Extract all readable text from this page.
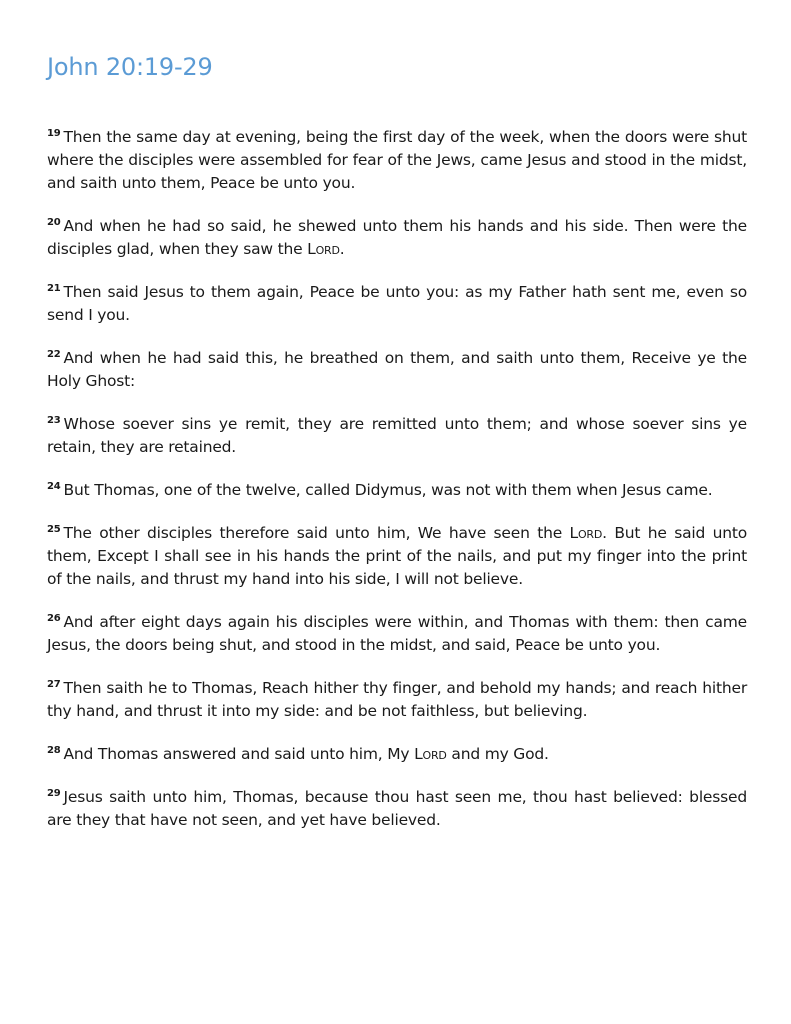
John 20:19-29

$^{19}$ Then the same day at evening, being the first day of the week, when the doors were shut where the disciples were assembled for fear of the Jews, came Jesus and stood in the midst, and saith unto them, Peace be unto you.

$^{20}$ And when he had so said, he shewed unto them his hands and his side. Then were the disciples glad, when they saw the Lord.

$^{21}$ Then said Jesus to them again, Peace be unto you: as my Father hath sent me, even so send I you.

$^{22}$ And when he had said this, he breathed on them, and saith unto them, Receive ye the Holy Ghost:

$^{23}$ Whose soever sins ye remit, they are remitted unto them; and whose soever sins ye retain, they are retained.

$^{24}$ But Thomas, one of the twelve, called Didymus, was not with them when Jesus came.

$^{25}$ The other disciples therefore said unto him, We have seen the Lord. But he said unto them, Except I shall see in his hands the print of the nails, and put my finger into the print of the nails, and thrust my hand into his side, I will not believe.

$^{26}$ And after eight days again his disciples were within, and Thomas with them: then came Jesus, the doors being shut, and stood in the midst, and said, Peace be unto you.

$^{27}$ Then saith he to Thomas, Reach hither thy finger, and behold my hands; and reach hither thy hand, and thrust it into my side: and be not faithless, but believing.

$^{28}$ And Thomas answered and said unto him, My Lord and my God.

$^{29}$ Jesus saith unto him, Thomas, because thou hast seen me, thou hast believed: blessed are they that have not seen, and yet have believed.
